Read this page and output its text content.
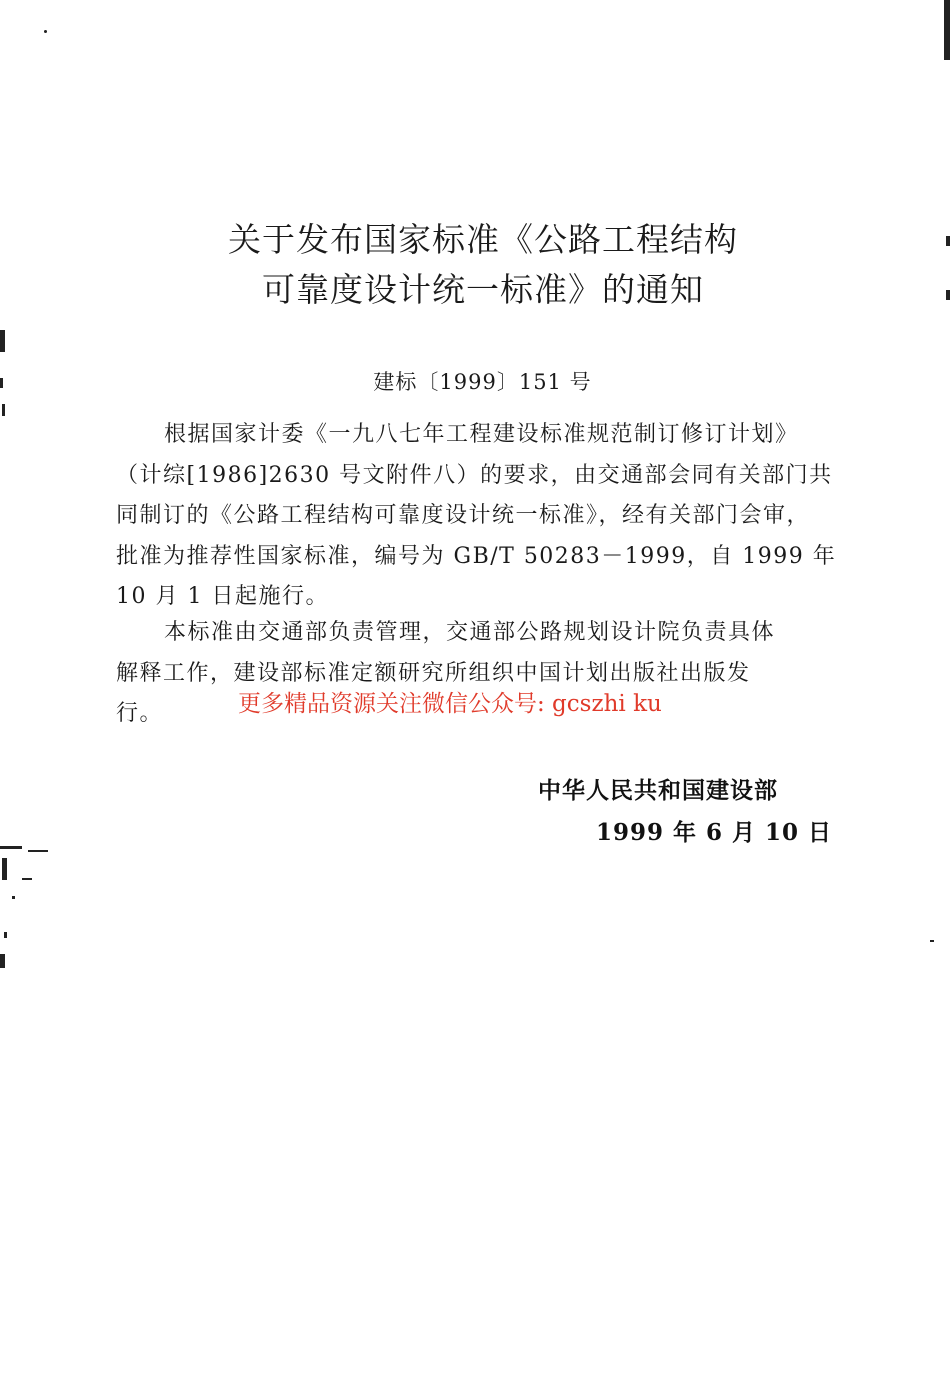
关于发布国家标准《公路工程结构
可靠度设计统一标准》的通知
建标〔1999〕151 号
根据国家计委《一九八七年工程建设标准规范制订修订计划》
（计综[1986]2630 号文附件八）的要求，由交通部会同有关部门共
同制订的《公路工程结构可靠度设计统一标准》，经有关部门会审，
批准为推荐性国家标准，编号为 GB/T 50283－1999，自 1999 年
10 月 1 日起施行。
本标准由交通部负责管理，交通部公路规划设计院负责具体
解释工作，建设部标准定额研究所组织中国计划出版社出版发
行。	更多精品资源关注微信公众号: gcszhi ku
中华人民共和国建设部
1999 年 6 月 10 日
